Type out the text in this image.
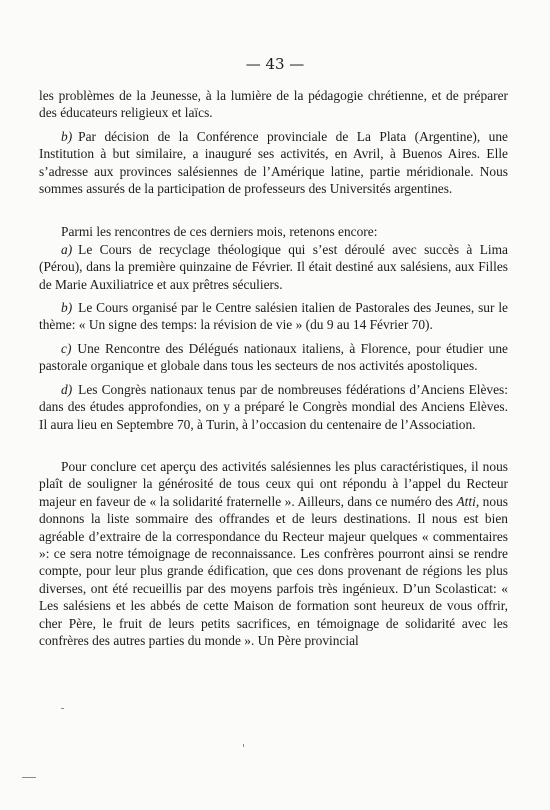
— 43 —

les problèmes de la Jeunesse, à la lumière de la pédagogie chrétienne, et de préparer des éducateurs religieux et laïcs.

b) Par décision de la Conférence provinciale de La Plata (Argentine), une Institution à but similaire, a inauguré ses activités, en Avril, à Buenos Aires. Elle s’adresse aux provinces salésiennes de l’Amérique latine, partie méridionale. Nous sommes assurés de la participation de professeurs des Universités argentines.

Parmi les rencontres de ces derniers mois, retenons encore:

a) Le Cours de recyclage théologique qui s’est déroulé avec succès à Lima (Pérou), dans la première quinzaine de Février. Il était destiné aux salésiens, aux Filles de Marie Auxiliatrice et aux prêtres séculiers.

b) Le Cours organisé par le Centre salésien italien de Pastorales des Jeunes, sur le thème: « Un signe des temps: la révision de vie » (du 9 au 14 Février 70).

c) Une Rencontre des Délégués nationaux italiens, à Florence, pour étudier une pastorale organique et globale dans tous les secteurs de nos activités apostoliques.

d) Les Congrès nationaux tenus par de nombreuses fédérations d’Anciens Elèves: dans des études approfondies, on y a préparé le Congrès mondial des Anciens Elèves. Il aura lieu en Septembre 70, à Turin, à l’occasion du centenaire de l’Association.

Pour conclure cet aperçu des activités salésiennes les plus caractéristiques, il nous plaît de souligner la générosité de tous ceux qui ont répondu à l’appel du Recteur majeur en faveur de « la solidarité fraternelle ». Ailleurs, dans ce numéro des Atti, nous donnons la liste sommaire des offrandes et de leurs destinations. Il nous est bien agréable d’extraire de la correspondance du Recteur majeur quelques « commentaires »: ce sera notre témoignage de reconnaissance. Les confrères pourront ainsi se rendre compte, pour leur plus grande édification, que ces dons provenant de régions les plus diverses, ont été recueillis par des moyens parfois très ingénieux. D’un Scolasticat: « Les salésiens et les abbés de cette Maison de formation sont heureux de vous offrir, cher Père, le fruit de leurs petits sacrifices, en témoignage de solidarité avec les confrères des autres parties du monde ». Un Père provincial
